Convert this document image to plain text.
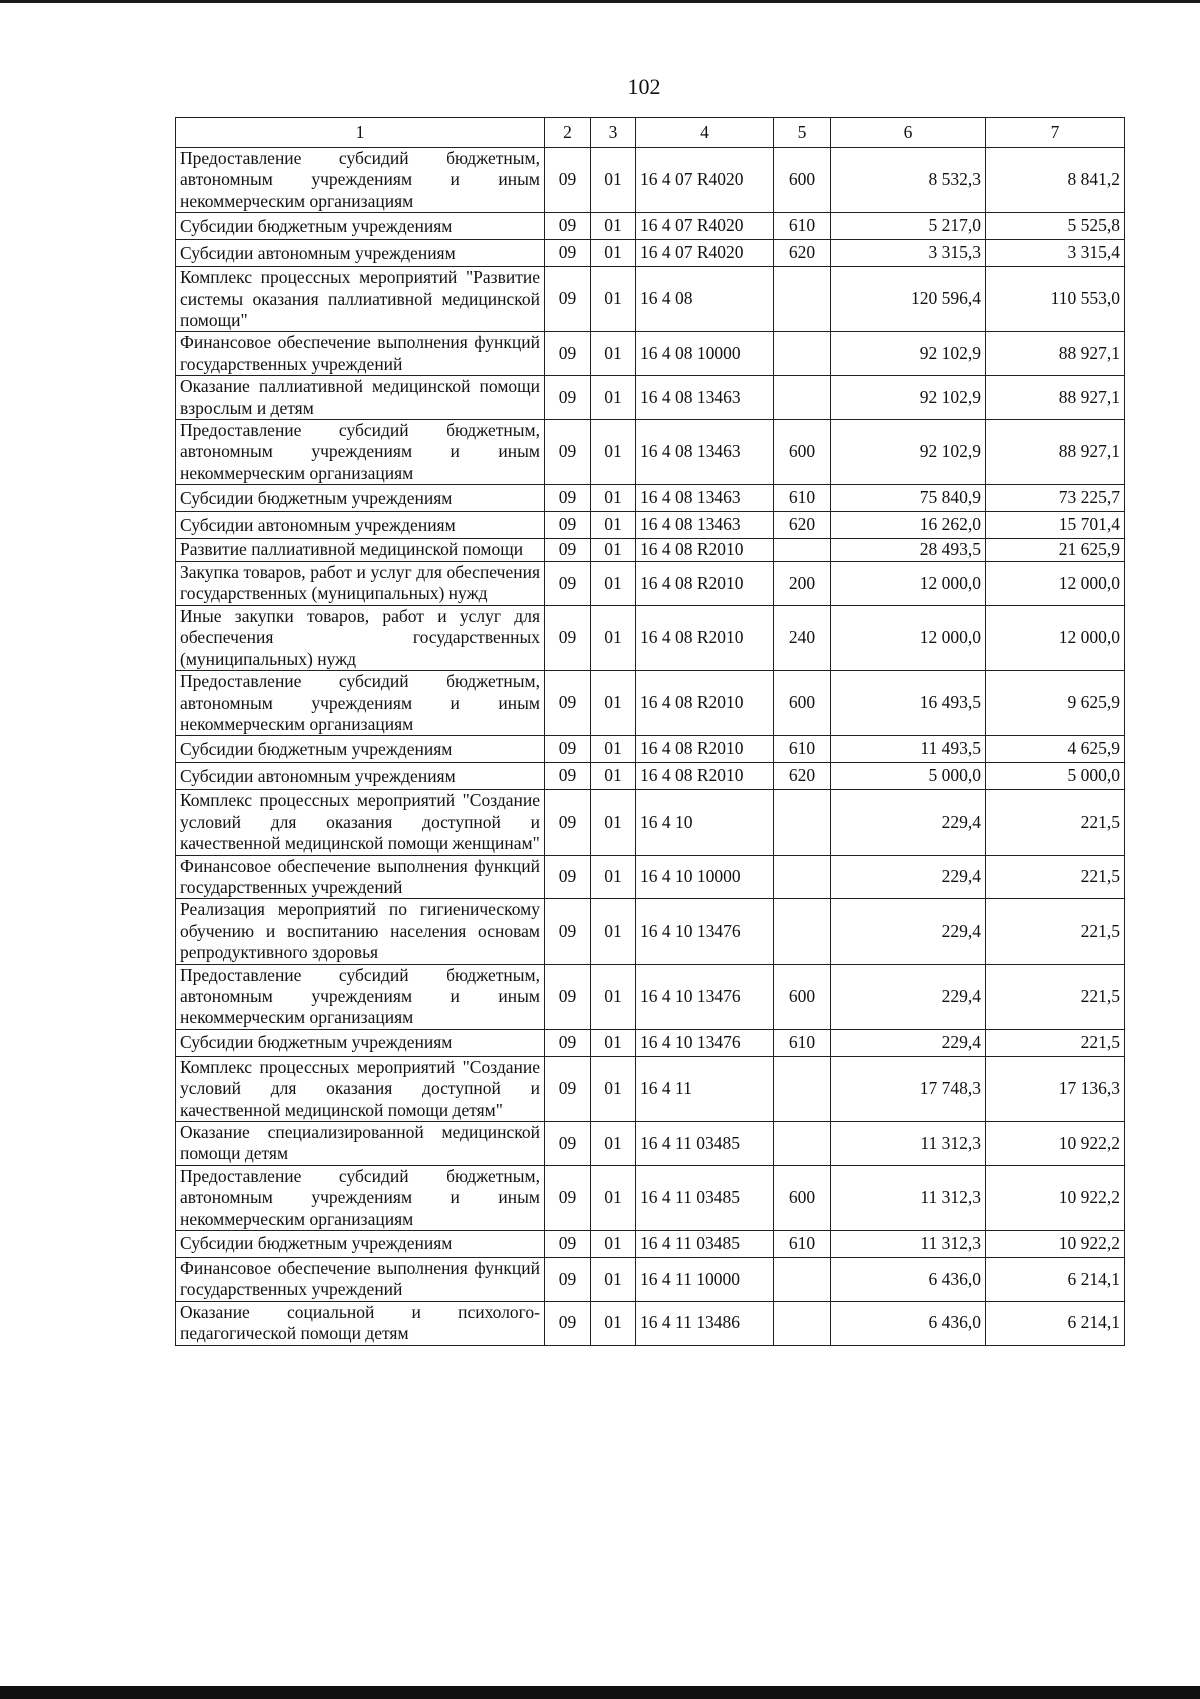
102
1	2	3	4	5	6	7
Предоставление субсидий бюджетным, автономным учреждениям и иным некоммерческим организациям	09	01	16 4 07 R4020	600	8 532,3	8 841,2
Субсидии бюджетным учреждениям	09	01	16 4 07 R4020	610	5 217,0	5 525,8
Субсидии автономным учреждениям	09	01	16 4 07 R4020	620	3 315,3	3 315,4
Комплекс процессных мероприятий "Развитие системы оказания паллиативной медицинской помощи"	09	01	16 4 08		120 596,4	110 553,0
Финансовое обеспечение выполнения функций государственных учреждений	09	01	16 4 08 10000		92 102,9	88 927,1
Оказание паллиативной медицинской помощи взрослым и детям	09	01	16 4 08 13463		92 102,9	88 927,1
Предоставление субсидий бюджетным, автономным учреждениям и иным некоммерческим организациям	09	01	16 4 08 13463	600	92 102,9	88 927,1
Субсидии бюджетным учреждениям	09	01	16 4 08 13463	610	75 840,9	73 225,7
Субсидии автономным учреждениям	09	01	16 4 08 13463	620	16 262,0	15 701,4
Развитие паллиативной медицинской помощи	09	01	16 4 08 R2010		28 493,5	21 625,9
Закупка товаров, работ и услуг для обеспечения государственных (муниципальных) нужд	09	01	16 4 08 R2010	200	12 000,0	12 000,0
Иные закупки товаров, работ и услуг для обеспечения государственных (муниципальных) нужд	09	01	16 4 08 R2010	240	12 000,0	12 000,0
Предоставление субсидий бюджетным, автономным учреждениям и иным некоммерческим организациям	09	01	16 4 08 R2010	600	16 493,5	9 625,9
Субсидии бюджетным учреждениям	09	01	16 4 08 R2010	610	11 493,5	4 625,9
Субсидии автономным учреждениям	09	01	16 4 08 R2010	620	5 000,0	5 000,0
Комплекс процессных мероприятий "Создание условий для оказания доступной и качественной медицинской помощи женщинам"	09	01	16 4 10		229,4	221,5
Финансовое обеспечение выполнения функций государственных учреждений	09	01	16 4 10 10000		229,4	221,5
Реализация мероприятий по гигиеническому обучению и воспитанию населения основам репродуктивного здоровья	09	01	16 4 10 13476		229,4	221,5
Предоставление субсидий бюджетным, автономным учреждениям и иным некоммерческим организациям	09	01	16 4 10 13476	600	229,4	221,5
Субсидии бюджетным учреждениям	09	01	16 4 10 13476	610	229,4	221,5
Комплекс процессных мероприятий "Создание условий для оказания доступной и качественной медицинской помощи детям"	09	01	16 4 11		17 748,3	17 136,3
Оказание специализированной медицинской помощи детям	09	01	16 4 11 03485		11 312,3	10 922,2
Предоставление субсидий бюджетным, автономным учреждениям и иным некоммерческим организациям	09	01	16 4 11 03485	600	11 312,3	10 922,2
Субсидии бюджетным учреждениям	09	01	16 4 11 03485	610	11 312,3	10 922,2
Финансовое обеспечение выполнения функций государственных учреждений	09	01	16 4 11 10000		6 436,0	6 214,1
Оказание социальной и психолого-педагогической помощи детям	09	01	16 4 11 13486		6 436,0	6 214,1
